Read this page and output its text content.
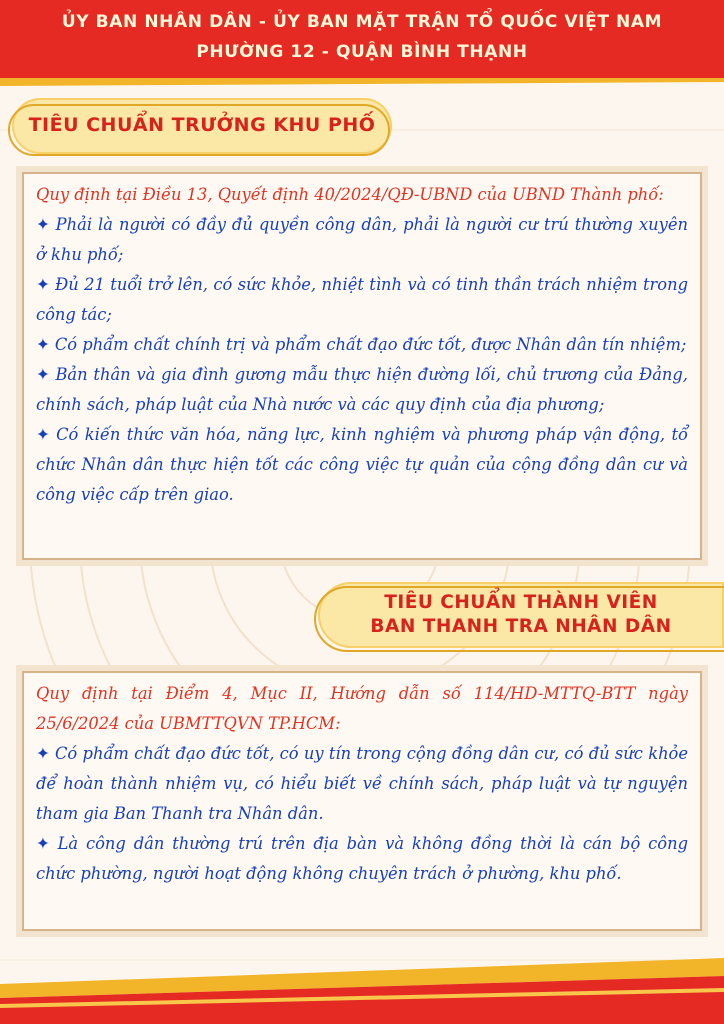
ỦY BAN NHÂN DÂN - ỦY BAN MẶT TRẬN TỔ QUỐC VIỆT NAM
PHƯỜNG 12 - QUẬN BÌNH THẠNH
TIÊU CHUẨN TRƯỞNG KHU PHỐ

Quy định tại Điều 13, Quyết định 40/2024/QĐ-UBND của UBND Thành phố:

✦ Phải là người có đầy đủ quyền công dân, phải là người cư trú thường xuyên ở khu phố;

✦ Đủ 21 tuổi trở lên, có sức khỏe, nhiệt tình và có tinh thần trách nhiệm trong công tác;

✦ Có phẩm chất chính trị và phẩm chất đạo đức tốt, được Nhân dân tín nhiệm;

✦ Bản thân và gia đình gương mẫu thực hiện đường lối, chủ trương của Đảng, chính sách, pháp luật của Nhà nước và các quy định của địa phương;

✦ Có kiến thức văn hóa, năng lực, kinh nghiệm và phương pháp vận động, tổ chức Nhân dân thực hiện tốt các công việc tự quản của cộng đồng dân cư và công việc cấp trên giao.

TIÊU CHUẨN THÀNH VIÊN
BAN THANH TRA NHÂN DÂN

Quy định tại Điểm 4, Mục II, Hướng dẫn số 114/HD-MTTQ-BTT ngày 25/6/2024 của UBMTTQVN TP.HCM:

✦ Có phẩm chất đạo đức tốt, có uy tín trong cộng đồng dân cư, có đủ sức khỏe để hoàn thành nhiệm vụ, có hiểu biết về chính sách, pháp luật và tự nguyện tham gia Ban Thanh tra Nhân dân.

✦ Là công dân thường trú trên địa bàn và không đồng thời là cán bộ công chức phường, người hoạt động không chuyên trách ở phường, khu phố.
